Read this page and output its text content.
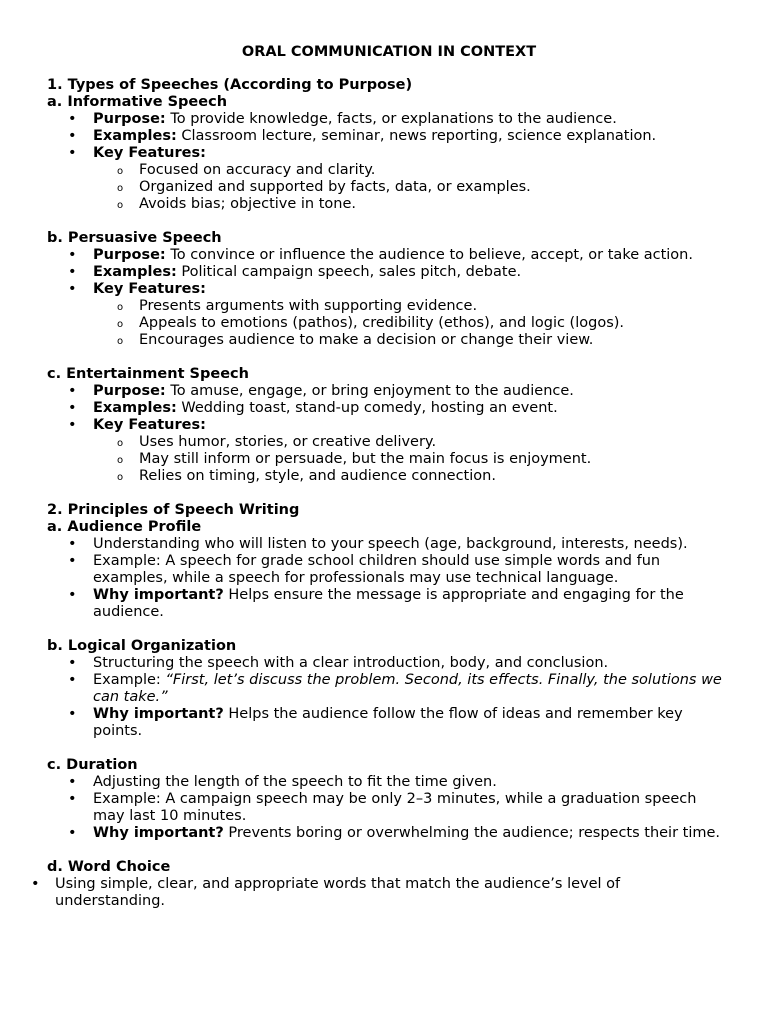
ORAL COMMUNICATION IN CONTEXT
1. Types of Speeches (According to Purpose)
a. Informative Speech
• Purpose: To provide knowledge, facts, or explanations to the audience.
• Examples: Classroom lecture, seminar, news reporting, science explanation.
• Key Features:
o Focused on accuracy and clarity.
o Organized and supported by facts, data, or examples.
o Avoids bias; objective in tone.
b. Persuasive Speech
• Purpose: To convince or influence the audience to believe, accept, or take action.
• Examples: Political campaign speech, sales pitch, debate.
• Key Features:
o Presents arguments with supporting evidence.
o Appeals to emotions (pathos), credibility (ethos), and logic (logos).
o Encourages audience to make a decision or change their view.
c. Entertainment Speech
• Purpose: To amuse, engage, or bring enjoyment to the audience.
• Examples: Wedding toast, stand-up comedy, hosting an event.
• Key Features:
o Uses humor, stories, or creative delivery.
o May still inform or persuade, but the main focus is enjoyment.
o Relies on timing, style, and audience connection.
2. Principles of Speech Writing
a. Audience Profile
• Understanding who will listen to your speech (age, background, interests, needs).
• Example: A speech for grade school children should use simple words and fun examples, while a speech for professionals may use technical language.
• Why important? Helps ensure the message is appropriate and engaging for the audience.
b. Logical Organization
• Structuring the speech with a clear introduction, body, and conclusion.
• Example: “First, let’s discuss the problem. Second, its effects. Finally, the solutions we can take.”
• Why important? Helps the audience follow the flow of ideas and remember key points.
c. Duration
• Adjusting the length of the speech to fit the time given.
• Example: A campaign speech may be only 2–3 minutes, while a graduation speech may last 10 minutes.
• Why important? Prevents boring or overwhelming the audience; respects their time.
d. Word Choice
• Using simple, clear, and appropriate words that match the audience’s level of understanding.
